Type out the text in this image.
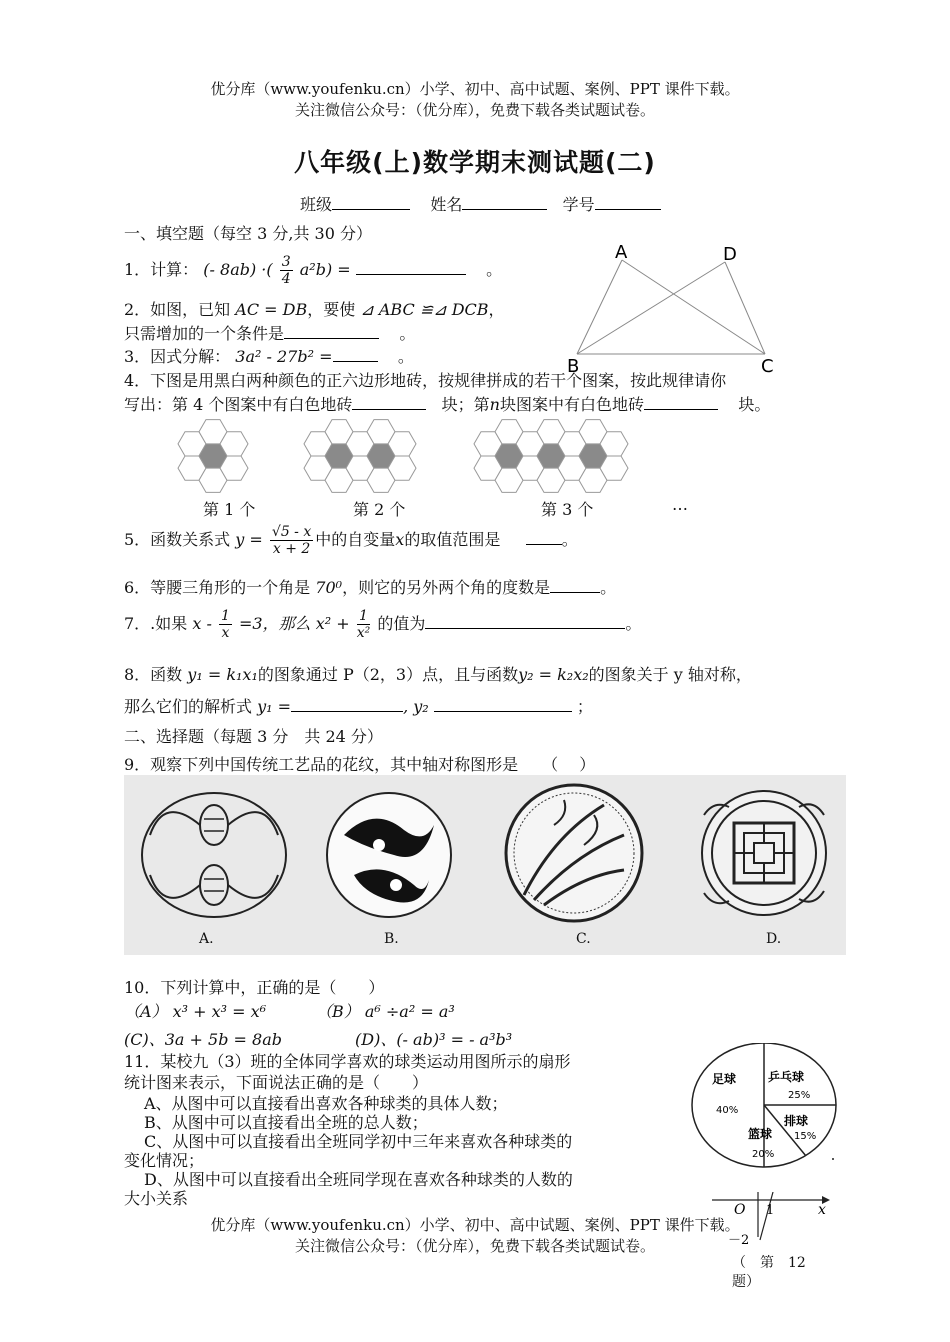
优分库（www.youfenku.cn）小学、初中、高中试题、案例、PPT 课件下载。
关注微信公众号：（优分库），免费下载各类试题试卷。
八年级(上)数学期末测试题(二)
班级	姓名	学号
一、填空题（每空 3 分,共 30 分）
1．计算： (- 8ab) ·( $\frac{3}{4} a^2b$) =	。
A	D
B	C
2．如图，已知 AC = DB，要使 ⊿ ABC ≌⊿ DCB，
只需增加的一个条件是	。
3．因式分解： 3a² - 27b² =	。
4．下图是用黑白两种颜色的正六边形地砖，按规律拼成的若干个图案，按此规律请你
写出：第 4 个图案中有白色地砖	块；第n块图案中有白色地砖	块。
第 1 个	第 2 个	第 3 个	…
5．函数关系式 $y = \frac{√5 - x}{x + 2}$ 中的自变量x的取值范围是	。
6．等腰三角形的一个角是 70⁰，则它的另外两个角的度数是	。
7．.如果 $x - \frac{1}{x} =3$，那么 $x^2 + \frac{1}{\text{x²}}$ 的值为	。
8．函数 y₁ = k₁x₁的图象通过 P（2，3）点，且与函数y₂ = k₂x₂的图象关于 y 轴对称，
那么它们的解析式 y₁ =	, y₂	；
二、选择题（每题 3 分　共 24 分）
9．观察下列中国传统工艺品的花纹，其中轴对称图形是　　（　 ）
A.	B.	C.	D.
10．下列计算中，正确的是（　　）
（A） x³ + x³ = x⁶	（B） a⁶ ÷a² = a³
(C)、3a + 5b = 8ab	(D)、(- ab)³ = - a³b³
11．某校九（3）班的全体同学喜欢的球类运动用图所示的扇形
统计图来表示，下面说法正确的是（　　）
A、从图中可以直接看出喜欢各种球类的具体人数；
B、从图中可以直接看出全班的总人数；
C、从图中可以直接看出全班同学初中三年来喜欢各种球类的
变化情况；
D、从图中可以直接看出全班同学现在喜欢各种球类的人数的
大小关系
足球
40%
乒乓球
25%
排球
15%
篮球
20%
O 1	x
－2
（　第　12
题）
优分库（www.youfenku.cn）小学、初中、高中试题、案例、PPT 课件下载。
关注微信公众号：（优分库），免费下载各类试题试卷。
